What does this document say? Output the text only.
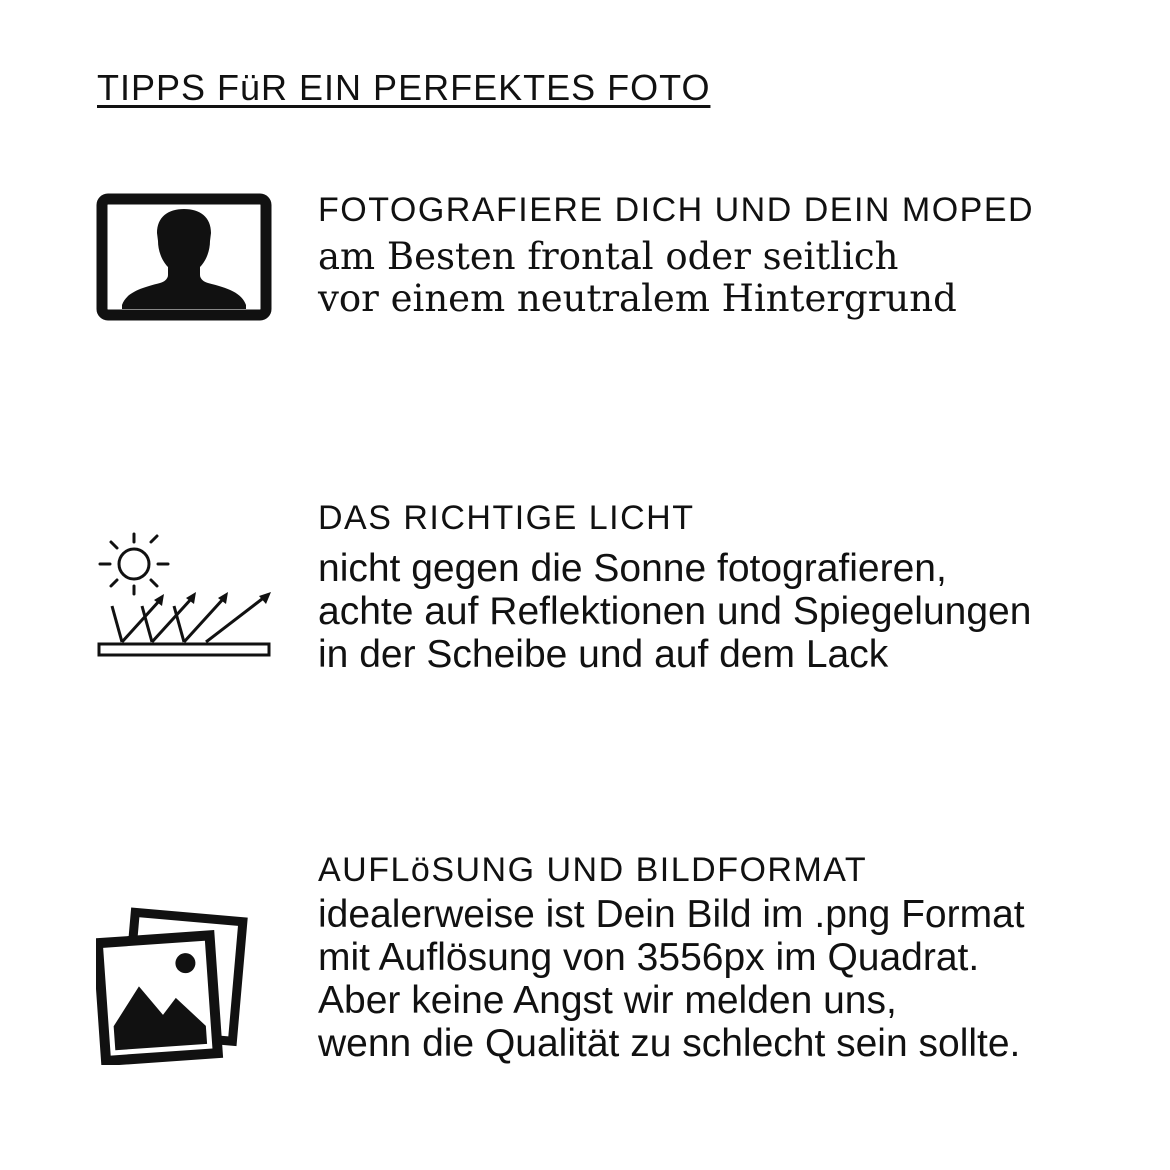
TIPPS FüR EIN PERFEKTES FOTO
FOTOGRAFIERE DICH UND DEIN MOPED
am Besten frontal oder seitlich
vor einem neutralem Hintergrund
DAS RICHTIGE LICHT
nicht gegen die Sonne fotografieren,
achte auf Reflektionen und Spiegelungen
in der Scheibe und auf dem Lack
AUFLöSUNG UND BILDFORMAT
idealerweise ist Dein Bild im .png Format
mit Auflösung von 3556px im Quadrat.
Aber keine Angst wir melden uns,
wenn die Qualität zu schlecht sein sollte.
